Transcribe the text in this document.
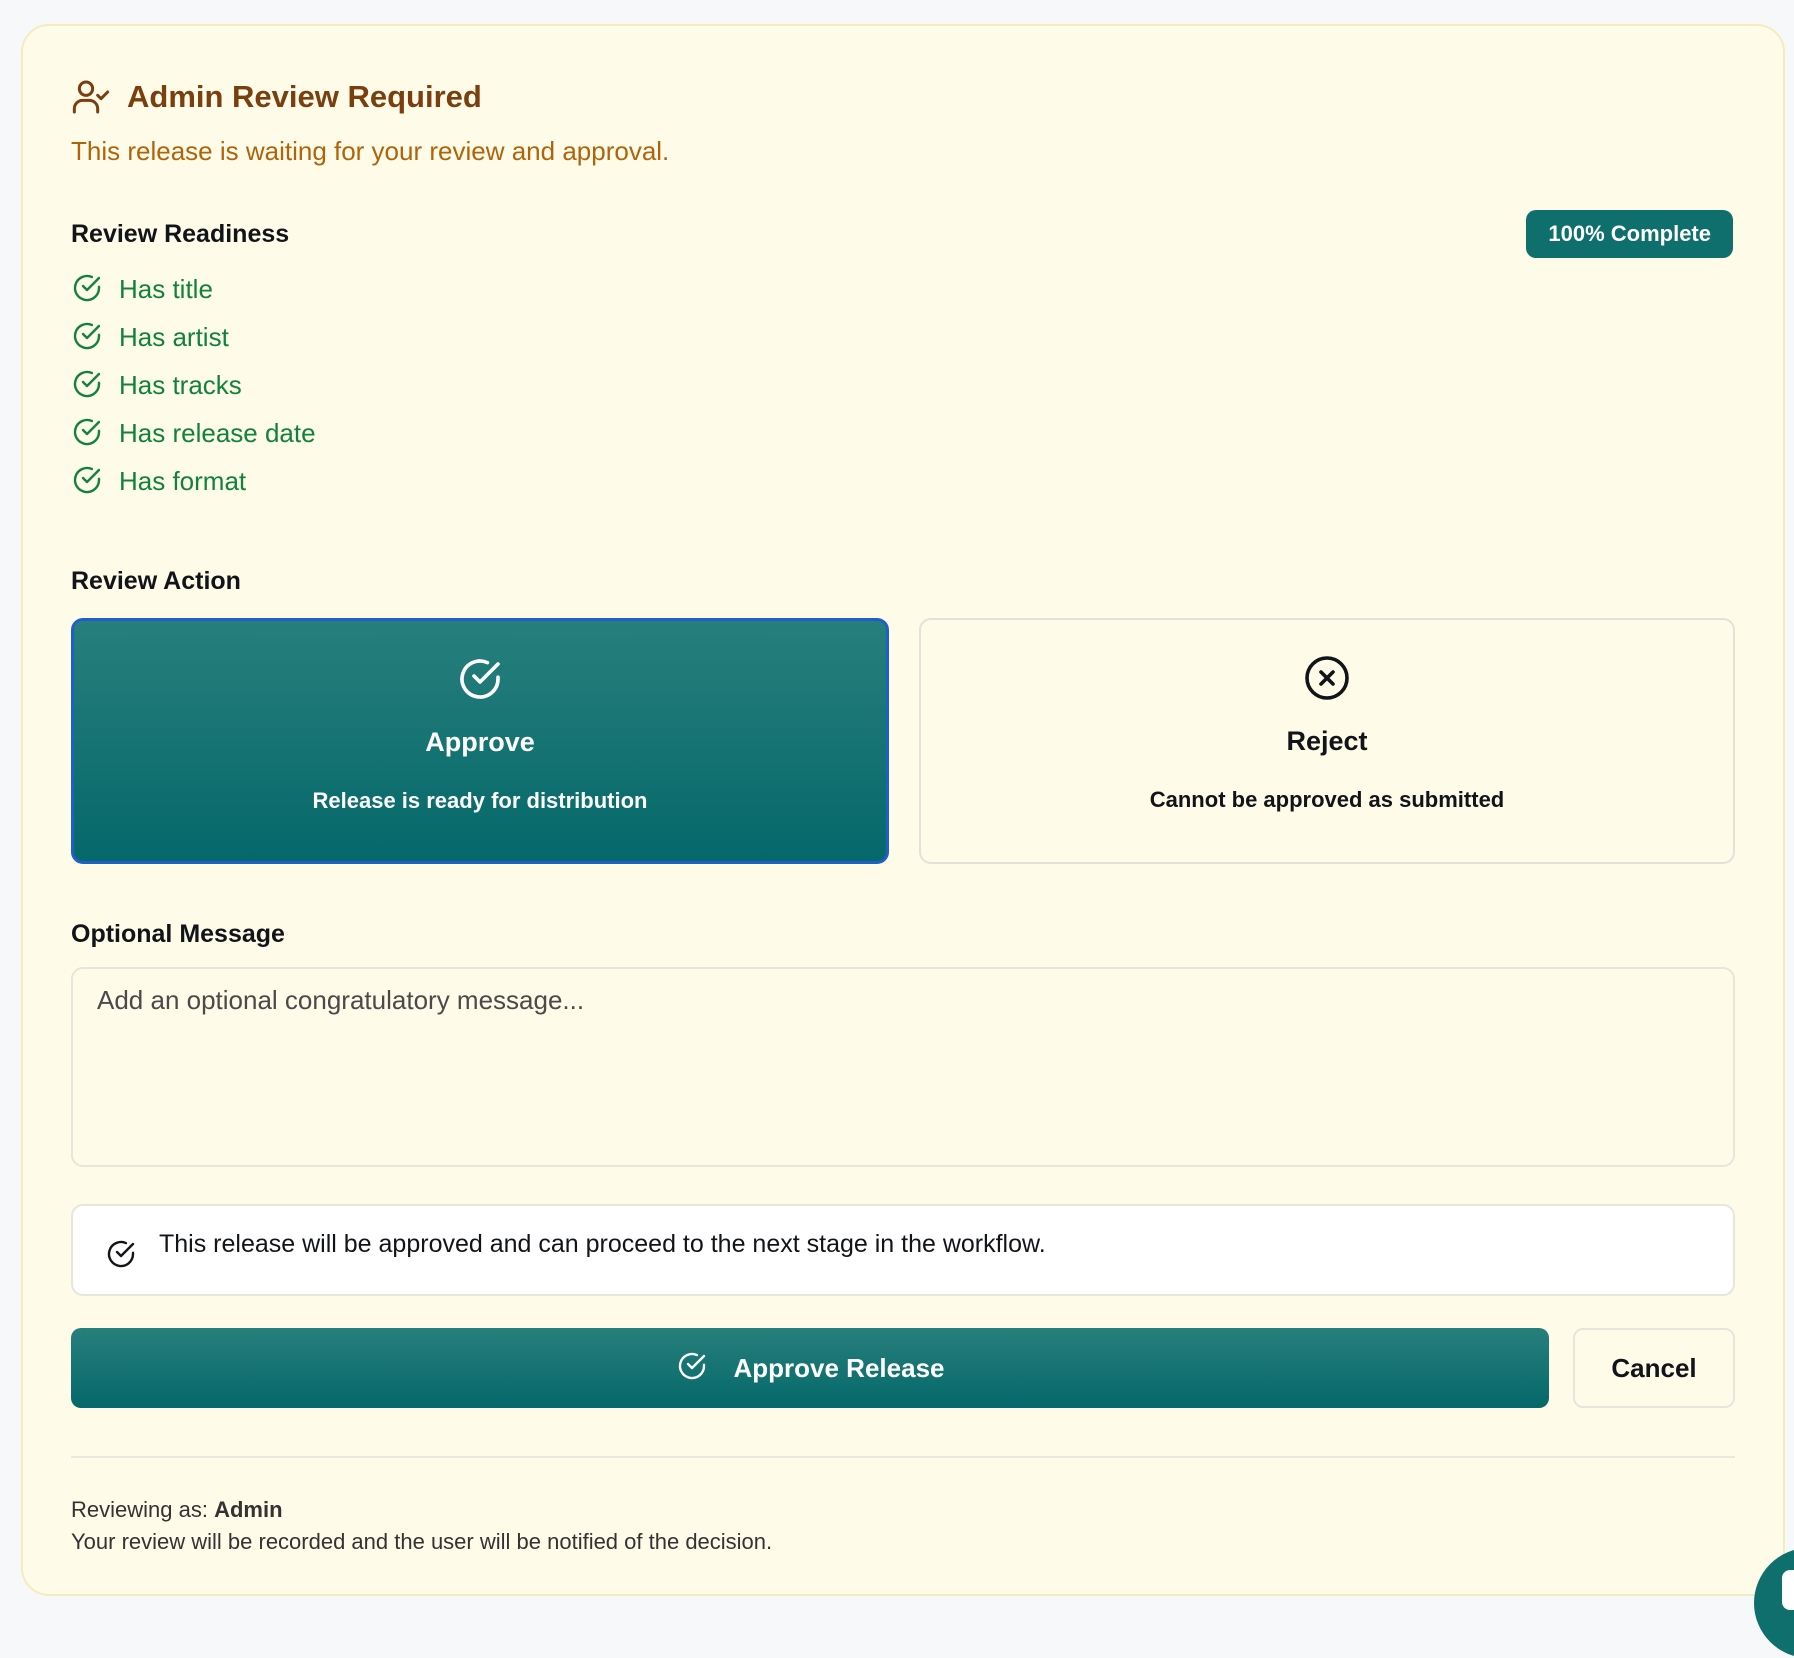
Admin Review Required
This release is waiting for your review and approval.
Review Readiness	100% Complete
Has title
Has artist
Has tracks
Has release date
Has format
Review Action
Approve
Release is ready for distribution
Reject
Cannot be approved as submitted
Optional Message
Add an optional congratulatory message...
This release will be approved and can proceed to the next stage in the workflow.
Approve Release	Cancel
Reviewing as: Admin
Your review will be recorded and the user will be notified of the decision.
